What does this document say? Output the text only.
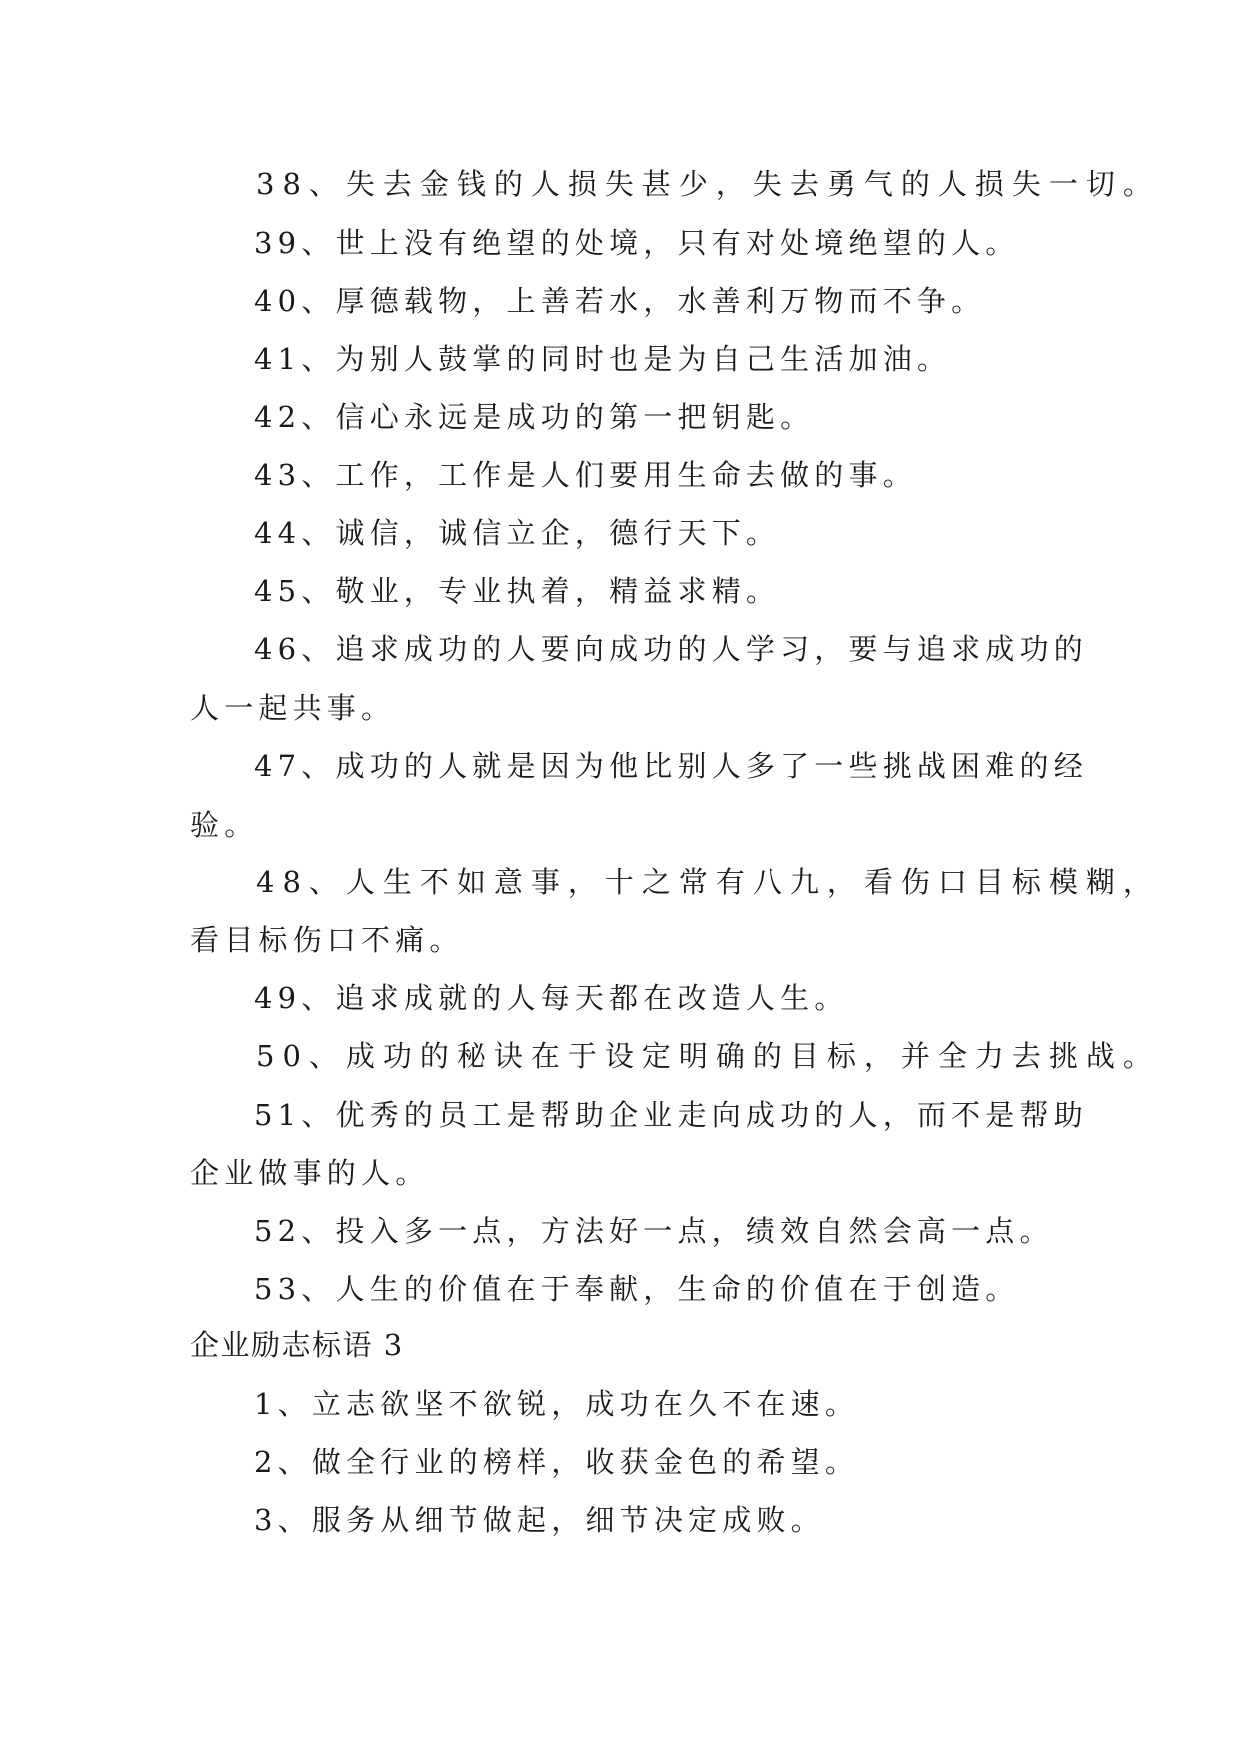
38、失去金钱的人损失甚少，失去勇气的人损失一切。
39、世上没有绝望的处境，只有对处境绝望的人。
40、厚德载物，上善若水，水善利万物而不争。
41、为别人鼓掌的同时也是为自己生活加油。
42、信心永远是成功的第一把钥匙。
43、工作，工作是人们要用生命去做的事。
44、诚信，诚信立企，德行天下。
45、敬业，专业执着，精益求精。
46、追求成功的人要向成功的人学习，要与追求成功的
人一起共事。
47、成功的人就是因为他比别人多了一些挑战困难的经
验。
48、人生不如意事，十之常有八九，看伤口目标模糊，
看目标伤口不痛。
49、追求成就的人每天都在改造人生。
50、成功的秘诀在于设定明确的目标，并全力去挑战。
51、优秀的员工是帮助企业走向成功的人，而不是帮助
企业做事的人。
52、投入多一点，方法好一点，绩效自然会高一点。
53、人生的价值在于奉献，生命的价值在于创造。
企业励志标语 3
1、立志欲坚不欲锐，成功在久不在速。
2、做全行业的榜样，收获金色的希望。
3、服务从细节做起，细节决定成败。
